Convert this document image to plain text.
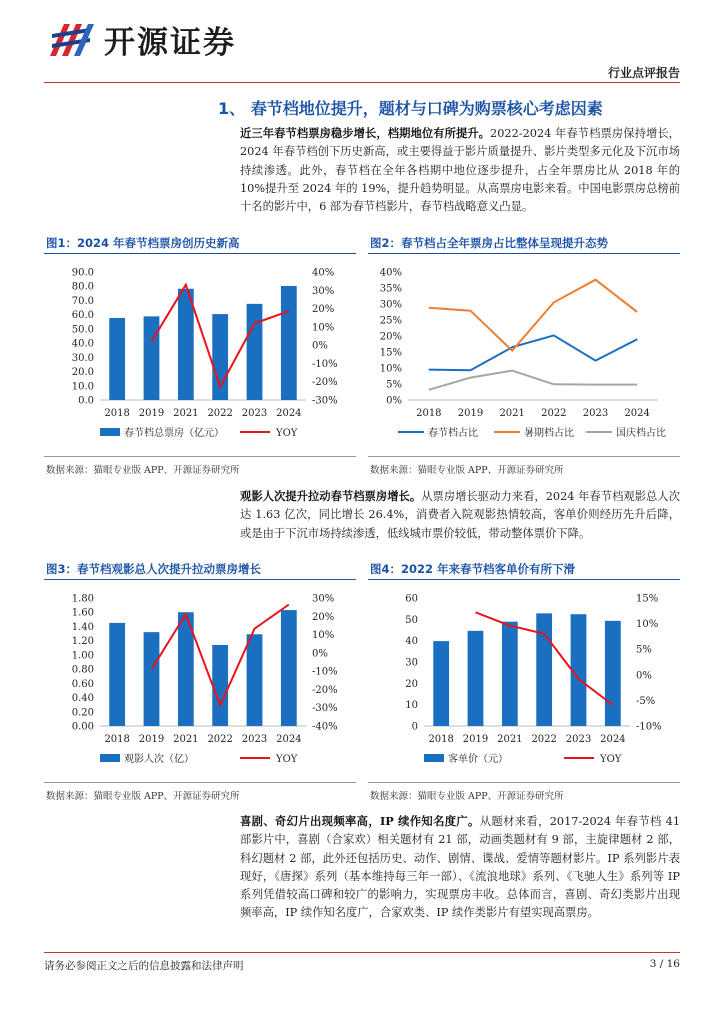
开源证券
行业点评报告
1、 春节档地位提升，题材与口碑为购票核心考虑因素
近三年春节档票房稳步增长，档期地位有所提升。2022-2024 年春节档票房保持增长，2024 年春节档创下历史新高，或主要得益于影片质量提升、影片类型多元化及下沉市场持续渗透。此外，春节档在全年各档期中地位逐步提升，占全年票房比从 2018 年的 10%提升至 2024 年的 19%，提升趋势明显。从高票房电影来看。中国电影票房总榜前十名的影片中，6 部为春节档影片，春节档战略意义凸显。
图1：2024 年春节档票房创历史新高	图2：春节档占全年票房占比整体呈现提升态势
0.0
10.0
20.0
30.0
40.0
50.0
60.0
70.0
80.0
90.0
-30%
-20%
-10%
0%
10%
20%
30%
40%
2018 2019 2021 2022 2023 2024
春节档总票房（亿元）	YOY
0%
5%
10%
15%
20%
25%
30%
35%
40%
2018 2019 2021 2022 2023 2024
春节档占比	暑期档占比	国庆档占比
数据来源：猫眼专业版 APP、开源证券研究所	数据来源：猫眼专业版 APP、开源证券研究所
观影人次提升拉动春节档票房增长。从票房增长驱动力来看，2024 年春节档观影总人次达 1.63 亿次，同比增长 26.4%，消费者入院观影热情较高，客单价则经历先升后降，或是由于下沉市场持续渗透，低线城市票价较低，带动整体票价下降。
图3：春节档观影总人次提升拉动票房增长	图4：2022 年来春节档客单价有所下滑
0.00
0.20
0.40
0.60
0.80
1.00
1.20
1.40
1.60
1.80
-40%
-30%
-20%
-10%
0%
10%
20%
30%
2018 2019 2021 2022 2023 2024
观影人次（亿）	YOY
0
10
20
30
40
50
60
-10%
-5%
0%
5%
10%
15%
2018 2019 2021 2022 2023 2024
客单价（元）	YOY
数据来源：猫眼专业版 APP、开源证券研究所	数据来源：猫眼专业版 APP、开源证券研究所
喜剧、奇幻片出现频率高，IP 续作知名度广。从题材来看，2017-2024 年春节档 41 部影片中，喜剧（合家欢）相关题材有 21 部，动画类题材有 9 部，主旋律题材 2 部，科幻题材 2 部，此外还包括历史、动作、剧情、谍战、爱情等题材影片。IP 系列影片表现好，《唐探》系列（基本维持每三年一部）、《流浪地球》系列、《飞驰人生》系列等 IP 系列凭借较高口碑和较广的影响力，实现票房丰收。总体而言，喜剧、奇幻类影片出现频率高，IP 续作知名度广，合家欢类、IP 续作类影片有望实现高票房。
请务必参阅正文之后的信息披露和法律声明	3 / 16
